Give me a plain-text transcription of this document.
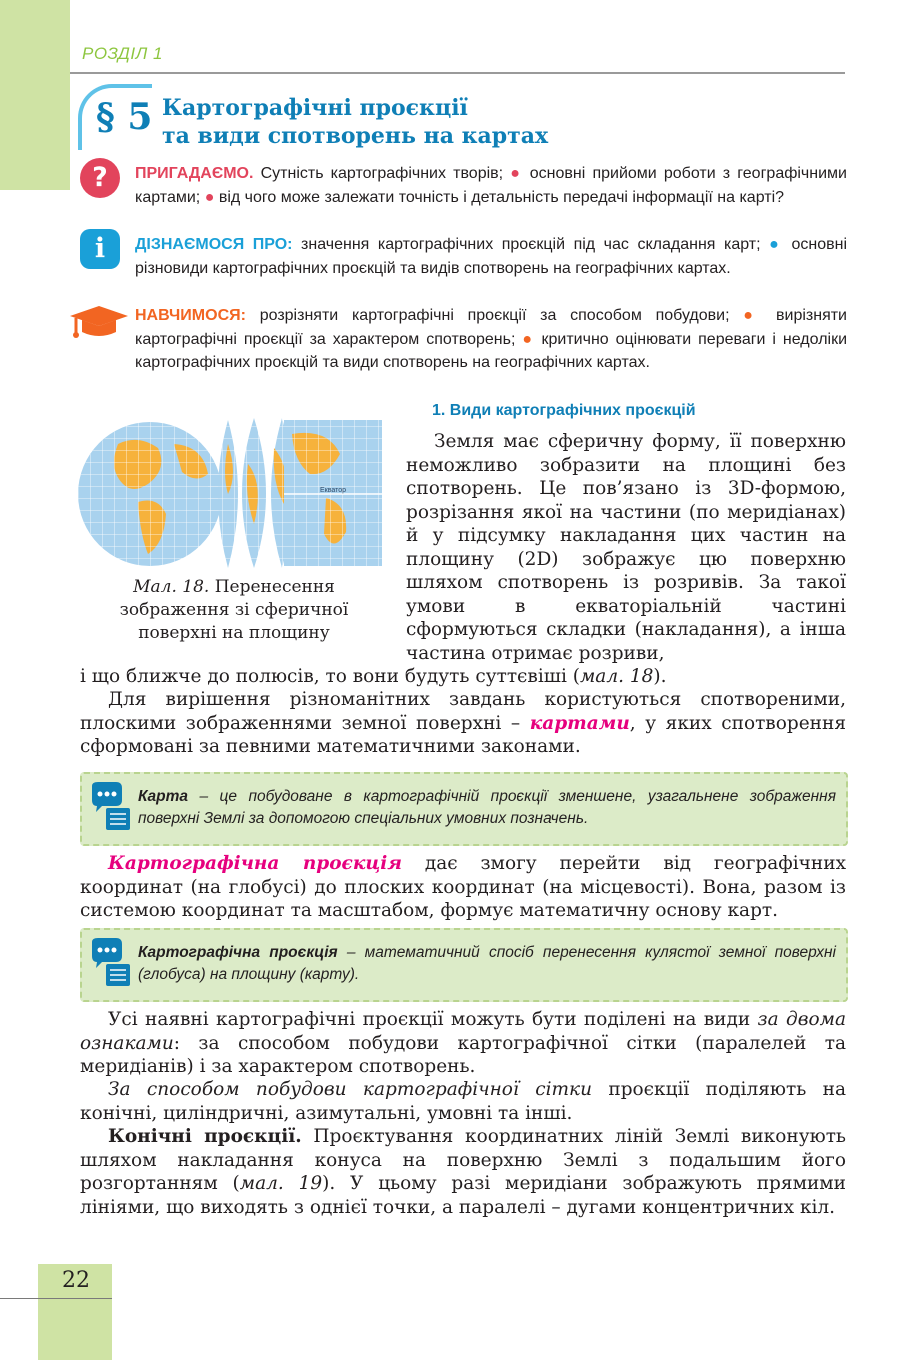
РОЗДІЛ 1
§ 5 Картографічні проєкції
та види спотворень на картах
?	ПРИГАДАЄМО. Сутність картографічних творів; ● основні прийоми роботи з географічними картами; ● від чого може залежати точність і детальність передачі інформації на карті?
i	ДІЗНАЄМОСЯ ПРО: значення картографічних проєкцій під час складання карт; ● основні різновиди картографічних проєкцій та видів спотворень на географічних картах.
НАВЧИМОСЯ: розрізняти картографічні проєкції за способом побудови; ● вирізняти картографічні проєкції за характером спотворень; ● критично оцінювати переваги і недоліки картографічних проєкцій та види спотворень на географічних картах.
Екватор
Мал. 18. Перенесення зображення зі сферичної поверхні на площину
1. Види картографічних проєкцій
Земля має сферичну форму, її поверхню неможливо зобразити на площині без спотворень. Це пов’язано із 3D-формою, розрізання якої на частини (по меридіанах) й у підсумку накладання цих частин на площину (2D) зображує цю поверхню шляхом спотворень із розривів. За такої умови в екваторіальній частині сформуються складки (накладання), а інша частина отримає розриви,
і що ближче до полюсів, то вони будуть суттєвіші (мал. 18).
Для вирішення різноманітних завдань користуються спотвореними, плоскими зображеннями земної поверхні – картами, у яких спотворення сформовані за певними математичними законами.
Карта – це побудоване в картографічній проєкції зменшене, узагальнене зображення поверхні Землі за допомогою спеціальних умовних позначень.
Картографічна проєкція дає змогу перейти від географічних координат (на глобусі) до плоских координат (на місцевості). Вона, разом із системою координат та масштабом, формує математичну основу карт.
Картографічна проєкція – математичний спосіб перенесення кулястої земної поверхні (глобуса) на площину (карту).
Усі наявні картографічні проєкції можуть бути поділені на види за двома ознаками: за способом побудови картографічної сітки (паралелей та меридіанів) і за характером спотворень.
За способом побудови картографічної сітки проєкції поділяють на конічні, циліндричні, азимутальні, умовні та інші.
Конічні проєкції. Проєктування координатних ліній Землі виконують шляхом накладання конуса на поверхню Землі з подальшим його розгортанням (мал. 19). У цьому разі меридіани зображують прямими лініями, що виходять з однієї точки, а паралелі – дугами концентричних кіл.
22
